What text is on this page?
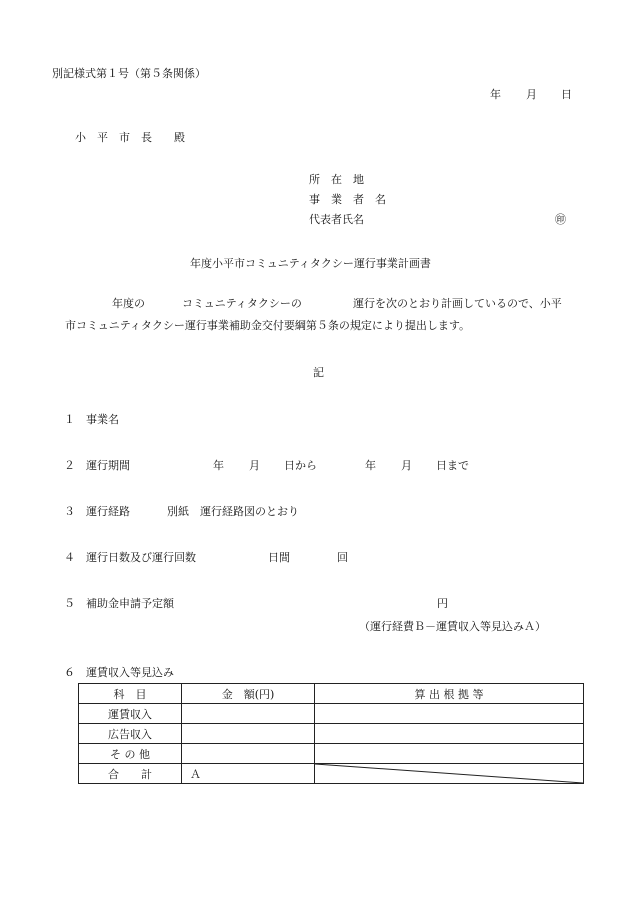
別記様式第１号（第５条関係）
年 月 日
小　平　市　長　　殿
所　在　地
事　業　者　名
代表者氏名	㊞
年度小平市コミュニティタクシー運行事業計画書
年度の	コミュニティタクシーの	運行を次のとおり計画しているので、小平
市コミュニティタクシー運行事業補助金交付要綱第５条の規定により提出します。
記
１ 事業名
２ 運行期間	年 月 日から	年 月 日まで
３ 運行経路	別紙　運行経路図のとおり
４ 運行日数及び運行回数	日間	回
５ 補助金申請予定額	円
（運行経費Ｂ－運賃収入等見込みＡ）
６ 運賃収入等見込み
科　目	金　額(円)	算 出 根 拠 等
運賃収入		
広告収入		
そ の 他		
合　　計	Ａ	
